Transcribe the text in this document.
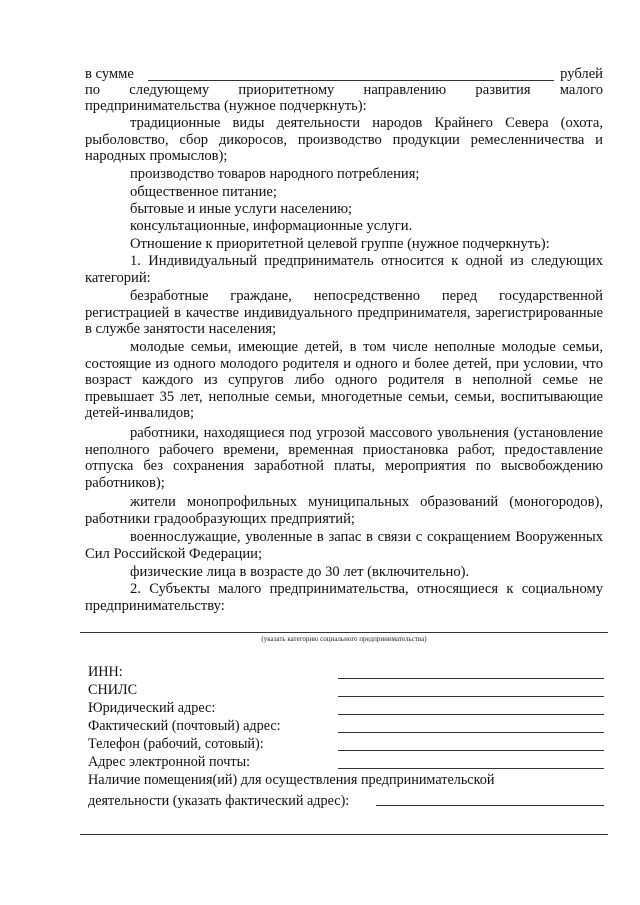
в сумме	рублей

по следующему приоритетному направлению развития малого

предпринимательства (нужное подчеркнуть):

традиционные виды деятельности народов Крайнего Севера (охота, рыболовство, сбор дикоросов, производство продукции ремесленничества и народных промыслов);

производство товаров народного потребления;

общественное питание;

бытовые и иные услуги населению;

консультационные, информационные услуги.

Отношение к приоритетной целевой группе (нужное подчеркнуть):

1. Индивидуальный предприниматель относится к одной из следующих категорий:

безработные граждане, непосредственно перед государственной регистрацией в качестве индивидуального предпринимателя, зарегистрированные в службе занятости населения;

молодые семьи, имеющие детей, в том числе неполные молодые семьи, состоящие из одного молодого родителя и одного и более детей, при условии, что возраст каждого из супругов либо одного родителя в неполной семье не превышает 35 лет, неполные семьи, многодетные семьи, семьи, воспитывающие детей-инвалидов;

работники, находящиеся под угрозой массового увольнения (установление неполного рабочего времени, временная приостановка работ, предоставление отпуска без сохранения заработной платы, мероприятия по высвобождению работников);

жители монопрофильных муниципальных образований (моногородов), работники градообразующих предприятий;

военнослужащие, уволенные в запас в связи с сокращением Вооруженных Сил Российской Федерации;

физические лица в возрасте до 30 лет (включительно).

2. Субъекты малого предпринимательства, относящиеся к социальному предпринимательству:

(указать категорию социального предпринимательства)
ИНН:
СНИЛС
Юридический адрес:
Фактический (почтовый) адрес:
Телефон (рабочий, сотовый):
Адрес электронной почты:
Наличие помещения(ий) для осуществления предпринимательской
деятельности (указать фактический адрес):
